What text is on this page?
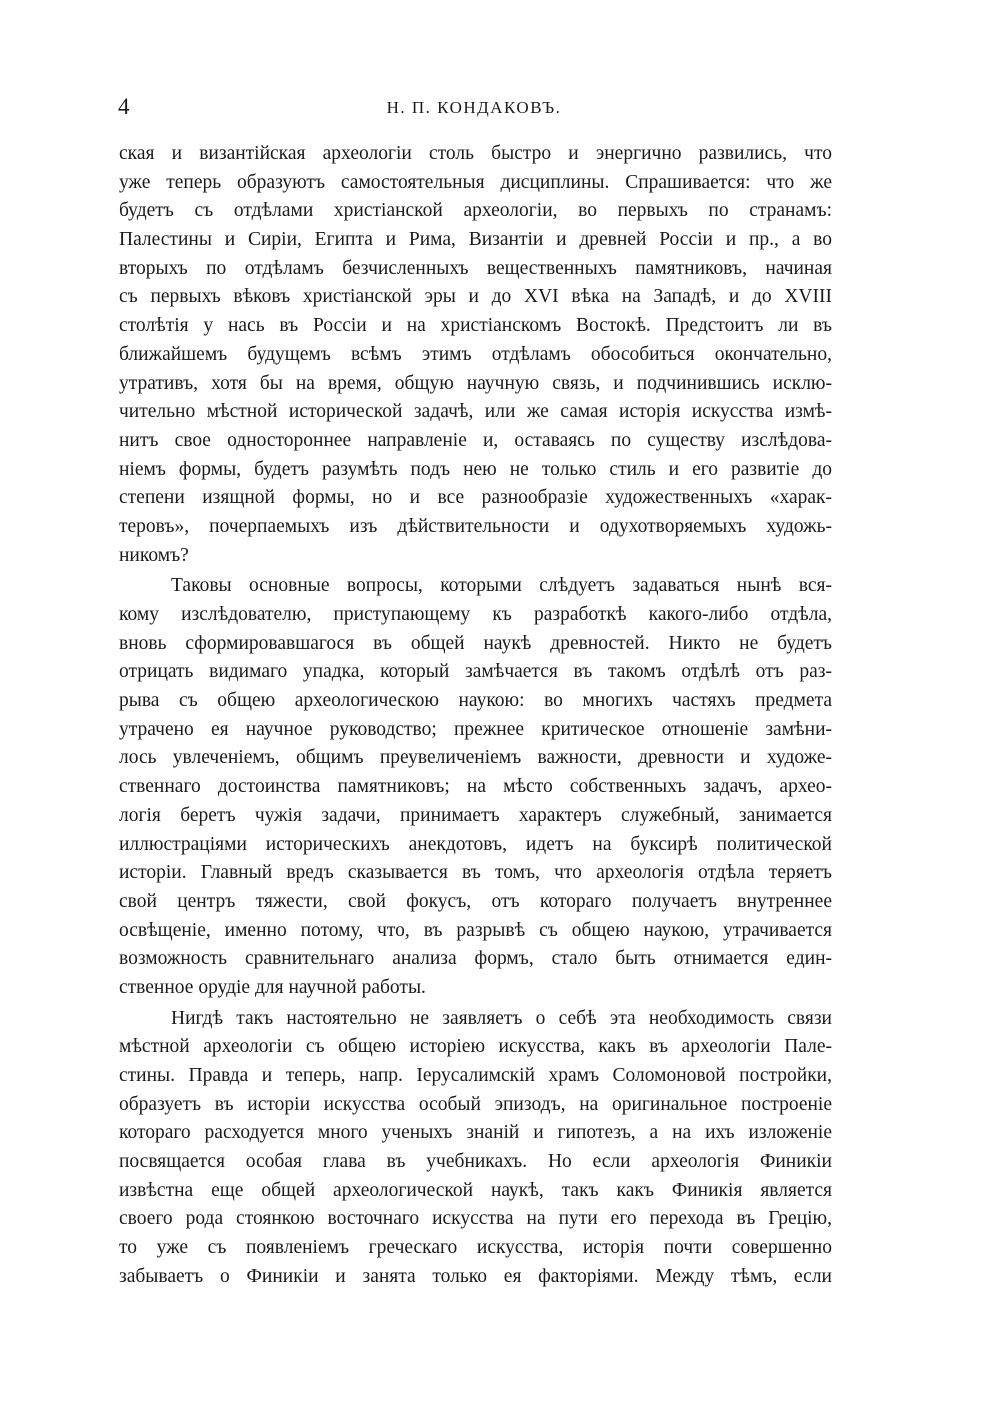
4	Н. П. КОНДАКОВЪ.
ская и византійская археологіи столь быстро и энергично развились, что
уже теперь образуютъ самостоятельныя дисциплины. Спрашивается: что же
будетъ съ отдѣлами христіанской археологіи, во первыхъ по странамъ:
Палестины и Сиріи, Египта и Рима, Византіи и древней Россіи и пр., а во
вторыхъ по отдѣламъ безчисленныхъ вещественныхъ памятниковъ, начиная
съ первыхъ вѣковъ христіанской эры и до XVI вѣка на Западѣ, и до XVIII
столѣтія у нась въ Россіи и на христіанскомъ Востокѣ. Предстоитъ ли въ
ближайшемъ будущемъ всѣмъ этимъ отдѣламъ обособиться окончательно,
утративъ, хотя бы на время, общую научную связь, и подчинившись исклю-
чительно мѣстной исторической задачѣ, или же самая исторія искусства измѣ-
нитъ свое одностороннее направленіе и, оставаясь по существу изслѣдова-
ніемъ формы, будетъ разумѣть подъ нею не только стиль и его развитіе до
степени изящной формы, но и все разнообразіе художественныхъ «харак-
теровъ», почерпаемыхъ изъ дѣйствительности и одухотворяемыхъ художь-
никомъ?
Таковы основные вопросы, которыми слѣдуетъ задаваться нынѣ вся-
кому изслѣдователю, приступающему къ разработкѣ какого-либо отдѣла,
вновь сформировавшагося въ общей наукѣ древностей. Никто не будетъ
отрицать видимаго упадка, который замѣчается въ такомъ отдѣлѣ отъ раз-
рыва съ общею археологическою наукою: во многихъ частяхъ предмета
утрачено ея научное руководство; прежнее критическое отношеніе замѣни-
лось увлеченіемъ, общимъ преувеличеніемъ важности, древности и художе-
ственнаго достоинства памятниковъ; на мѣсто собственныхъ задачъ, архео-
логія беретъ чужія задачи, принимаетъ характеръ служебный, занимается
иллюстраціями историческихъ анекдотовъ, идетъ на буксирѣ политической
исторіи. Главный вредъ сказывается въ томъ, что археологія отдѣла теряетъ
свой центръ тяжести, свой фокусъ, отъ котораго получаетъ внутреннее
освѣщеніе, именно потому, что, въ разрывѣ съ общею наукою, утрачивается
возможность сравнительнаго анализа формъ, стало быть отнимается един-
ственное орудіе для научной работы.
Нигдѣ такъ настоятельно не заявляетъ о себѣ эта необходимость связи
мѣстной археологіи съ общею исторіею искусства, какъ въ археологіи Пале-
стины. Правда и теперь, напр. Іерусалимскій храмъ Соломоновой постройки,
образуетъ въ исторіи искусства особый эпизодъ, на оригинальное построеніе
котораго расходуется много ученыхъ знаній и гипотезъ, а на ихъ изложеніе
посвящается особая глава въ учебникахъ. Но если археологія Финикіи
извѣстна еще общей археологической наукѣ, такъ какъ Финикія является
своего рода стоянкою восточнаго искусства на пути его перехода въ Грецію,
то уже съ появленіемъ греческаго искусства, исторія почти совершенно
забываетъ о Финикіи и занята только ея факторіями. Между тѣмъ, если
